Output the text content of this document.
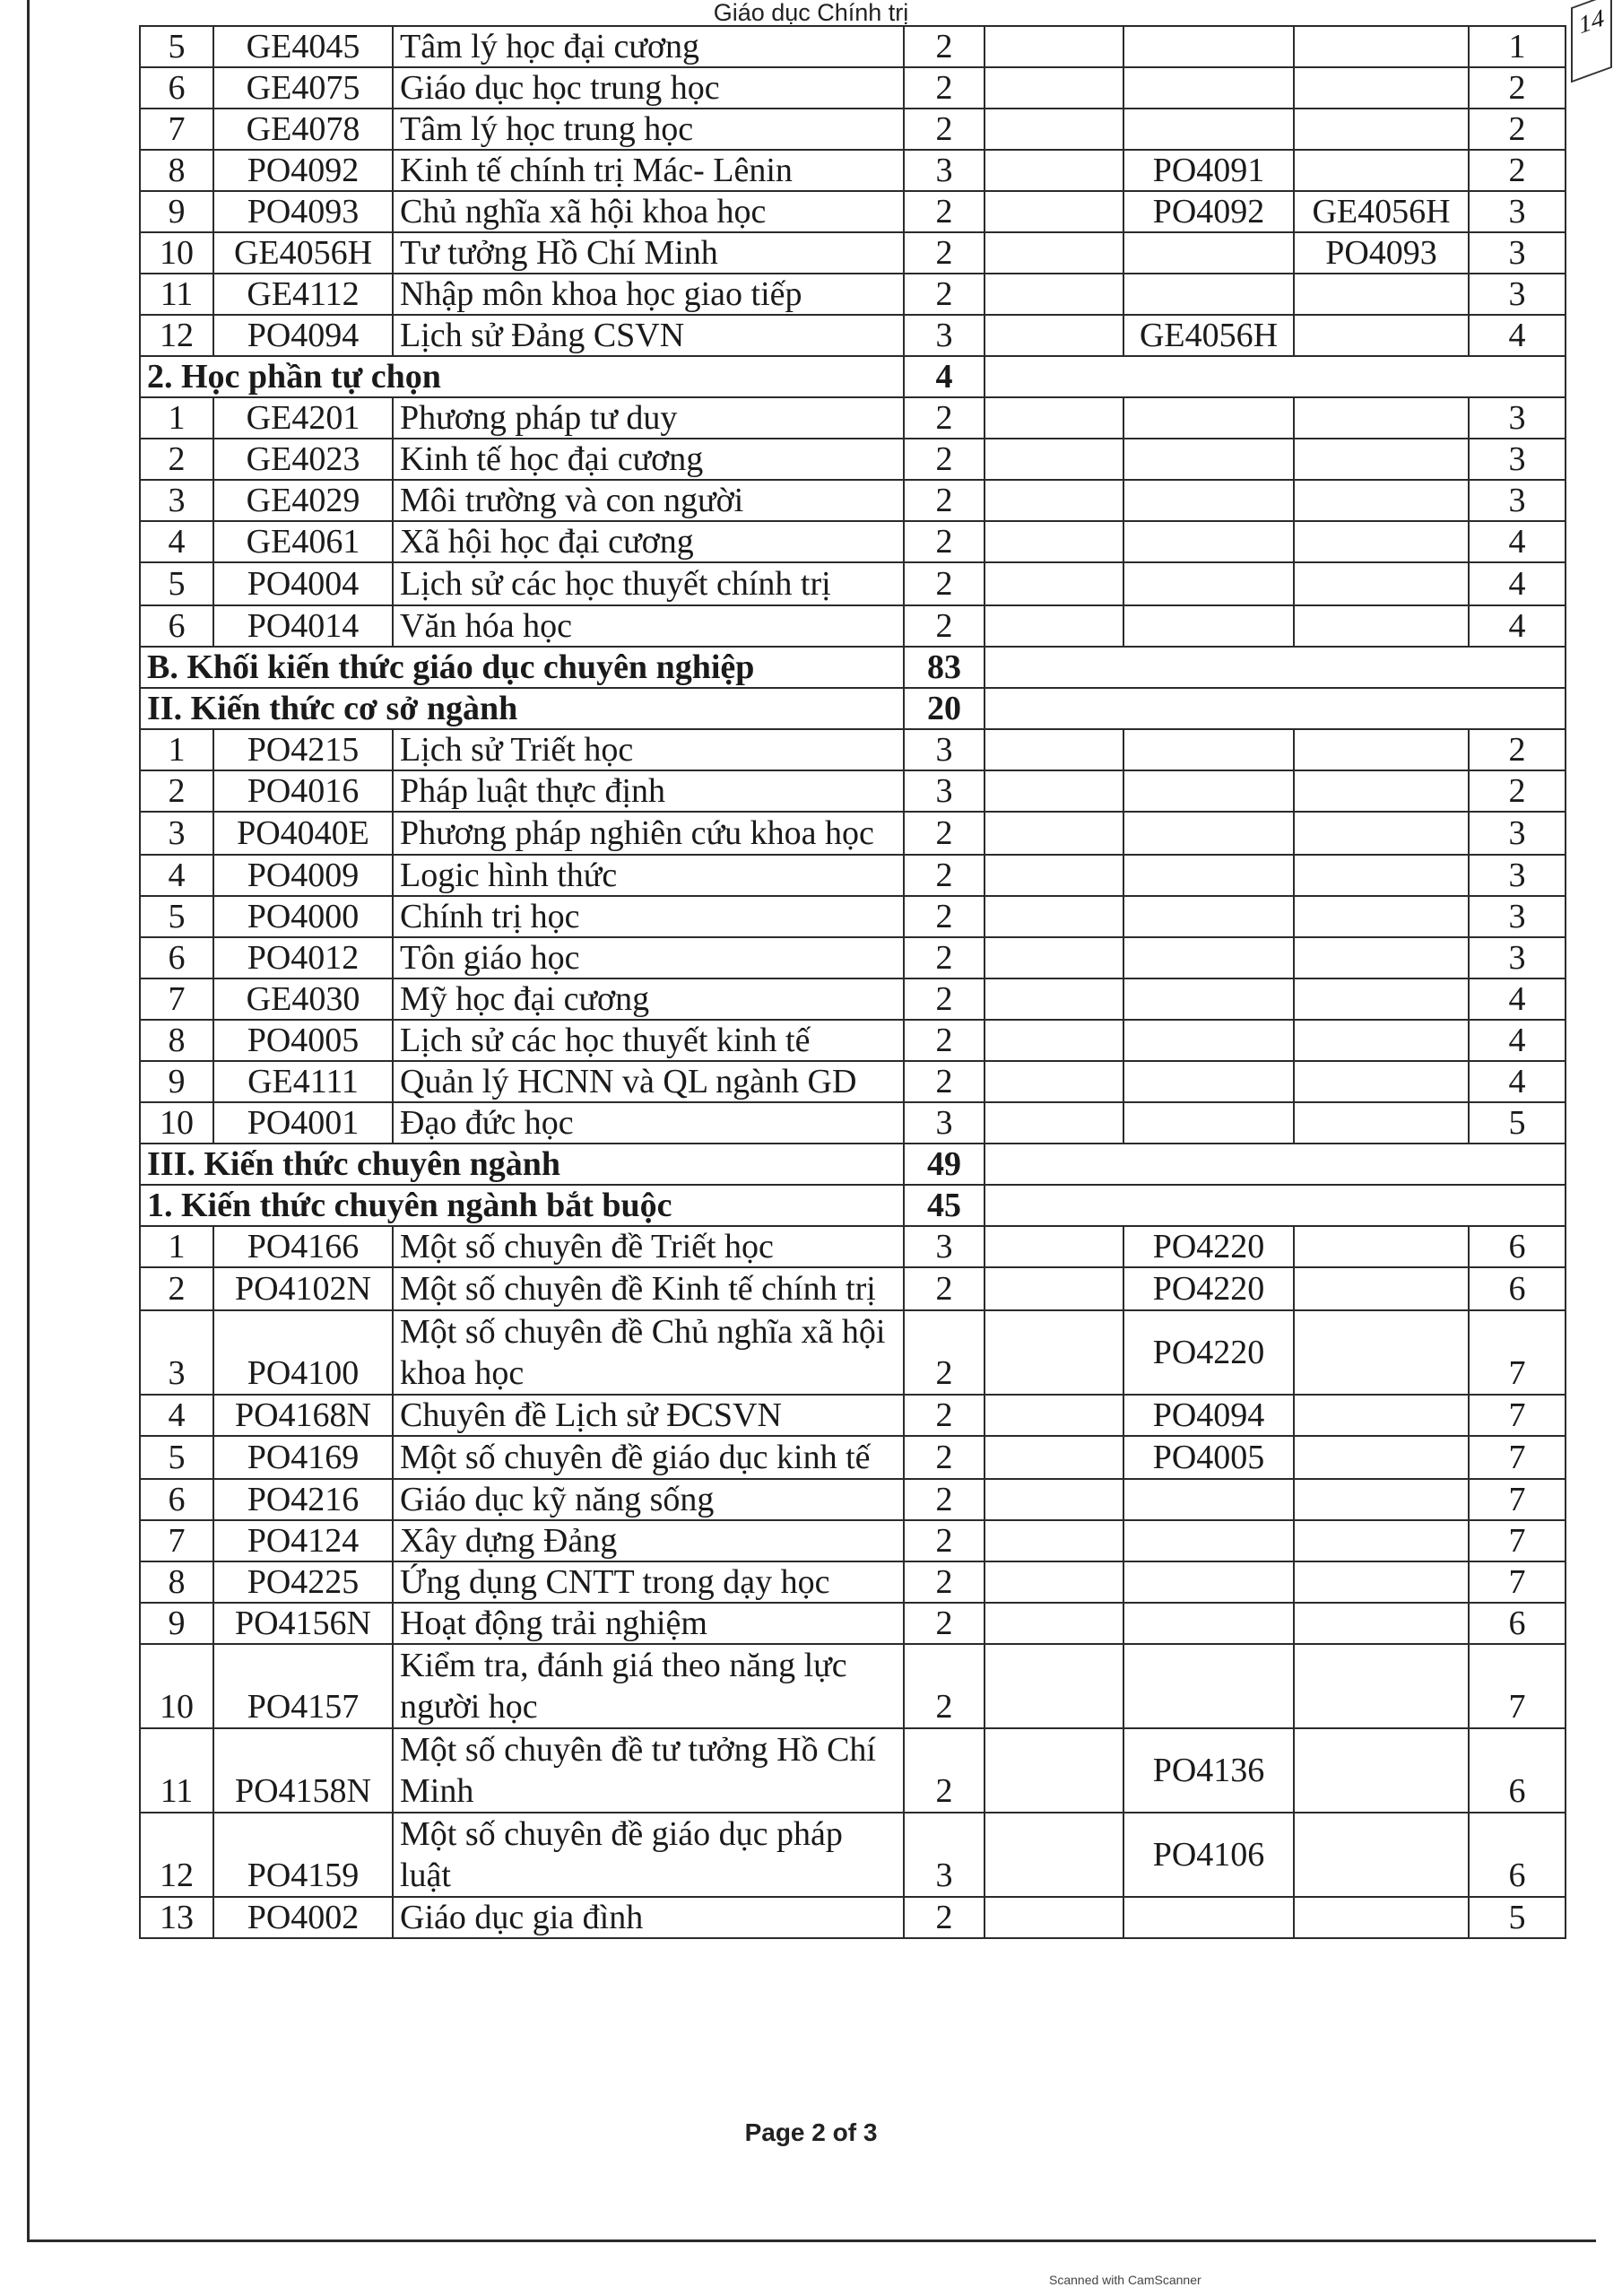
Giáo dục Chính trị	14
5	GE4045	Tâm lý học đại cương	2				1
6	GE4075	Giáo dục học trung học	2				2
7	GE4078	Tâm lý học trung học	2				2
8	PO4092	Kinh tế chính trị Mác- Lênin	3		PO4091		2
9	PO4093	Chủ nghĩa xã hội khoa học	2		PO4092	GE4056H	3
10	GE4056H	Tư tưởng Hồ Chí Minh	2			PO4093	3
11	GE4112	Nhập môn khoa học giao tiếp	2				3
12	PO4094	Lịch sử Đảng CSVN	3		GE4056H		4
2. Học phần tự chọn			4				
1	GE4201	Phương pháp tư duy	2				3
2	GE4023	Kinh tế học đại cương	2				3
3	GE4029	Môi trường và con người	2				3
4	GE4061	Xã hội học đại cương	2				4
5	PO4004	Lịch sử các học thuyết chính trị	2				4
6	PO4014	Văn hóa học	2				4
B. Khối kiến thức giáo dục chuyên nghiệp			83				
II. Kiến thức cơ sở ngành			20				
1	PO4215	Lịch sử Triết học	3				2
2	PO4016	Pháp luật thực định	3				2
3	PO4040E	Phương pháp nghiên cứu khoa học	2				3
4	PO4009	Logic hình thức	2				3
5	PO4000	Chính trị học	2				3
6	PO4012	Tôn giáo học	2				3
7	GE4030	Mỹ học đại cương	2				4
8	PO4005	Lịch sử các học thuyết kinh tế	2				4
9	GE4111	Quản lý HCNN và QL ngành GD	2				4
10	PO4001	Đạo đức học	3				5
III. Kiến thức chuyên ngành			49				
1. Kiến thức chuyên ngành bắt buộc			45				
1	PO4166	Một số chuyên đề Triết học	3		PO4220		6
2	PO4102N	Một số chuyên đề Kinh tế chính trị	2		PO4220		6
3	PO4100	Một số chuyên đề Chủ nghĩa xã hội khoa học	2		PO4220		7
4	PO4168N	Chuyên đề Lịch sử ĐCSVN	2		PO4094		7
5	PO4169	Một số chuyên đề giáo dục kinh tế	2		PO4005		7
6	PO4216	Giáo dục kỹ năng sống	2				7
7	PO4124	Xây dựng Đảng	2				7
8	PO4225	Ứng dụng CNTT trong dạy học	2				7
9	PO4156N	Hoạt động trải nghiệm	2				6
10	PO4157	Kiểm tra, đánh giá theo năng lực người học	2				7
11	PO4158N	Một số chuyên đề tư tưởng Hồ Chí Minh	2		PO4136		6
12	PO4159	Một số chuyên đề giáo dục pháp luật	3		PO4106		6
13	PO4002	Giáo dục gia đình	2				5
Page 2 of 3
Scanned with CamScanner
